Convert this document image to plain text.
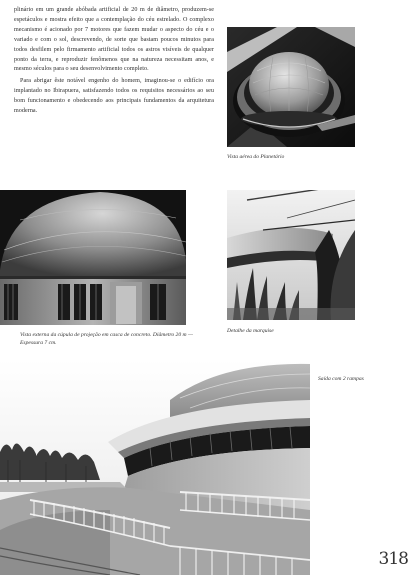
plinário em um grande abóbada artificial de 20 m de diâmetro, produzem-se espetáculos e mostra efeito que a contemplação do céu estrelado. O complexo mecanismo é acionado por 7 motores que fazem mudar o aspecto do céu e o variado e com o sol, descrevendo, de sorte que bastam poucos minutos para todos desfilem pelo firmamento artificial todos os astros visíveis de qualquer ponto da terra, e reproduzir fenômenos que na natureza necessitam anos, e mesmo séculos para o seu desenvolvimento completo.

Para abrigar êste notável engenho do homem, imaginou-se o edifício ora implantado no Ibirapuera, satisfazendo todos os requisitos necessários ao seu bom funcionamento e obedecendo aos principais fundamentos da arquitetura moderna.

Vista aérea do Planetário

Vista externa da cúpula de projeção em casca de concreto. Diâmetro 20 m — Espessura 7 cm.

Detalhe da marquise

Saída com 2 rampas

318
